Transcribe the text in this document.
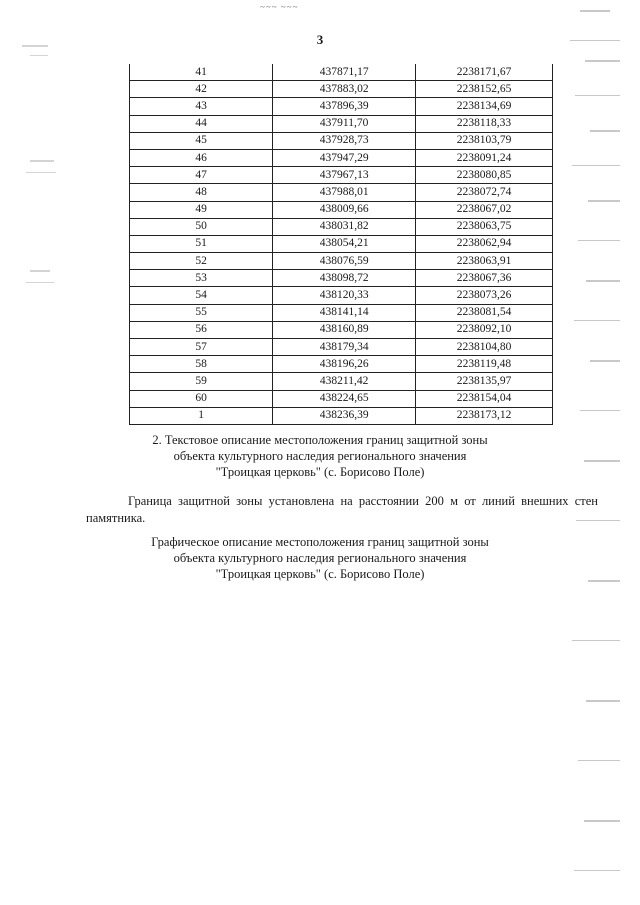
~~~ ~~~
3
41	437871,17	2238171,67
42	437883,02	2238152,65
43	437896,39	2238134,69
44	437911,70	2238118,33
45	437928,73	2238103,79
46	437947,29	2238091,24
47	437967,13	2238080,85
48	437988,01	2238072,74
49	438009,66	2238067,02
50	438031,82	2238063,75
51	438054,21	2238062,94
52	438076,59	2238063,91
53	438098,72	2238067,36
54	438120,33	2238073,26
55	438141,14	2238081,54
56	438160,89	2238092,10
57	438179,34	2238104,80
58	438196,26	2238119,48
59	438211,42	2238135,97
60	438224,65	2238154,04
1	438236,39	2238173,12
2. Текстовое описание местоположения границ защитной зоны
объекта культурного наследия регионального значения
"Троицкая церковь" (с. Борисово Поле)
Граница защитной зоны установлена на расстоянии 200 м от линий внешних стен
памятника.
Графическое описание местоположения границ защитной зоны
объекта культурного наследия регионального значения
"Троицкая церковь" (с. Борисово Поле)
